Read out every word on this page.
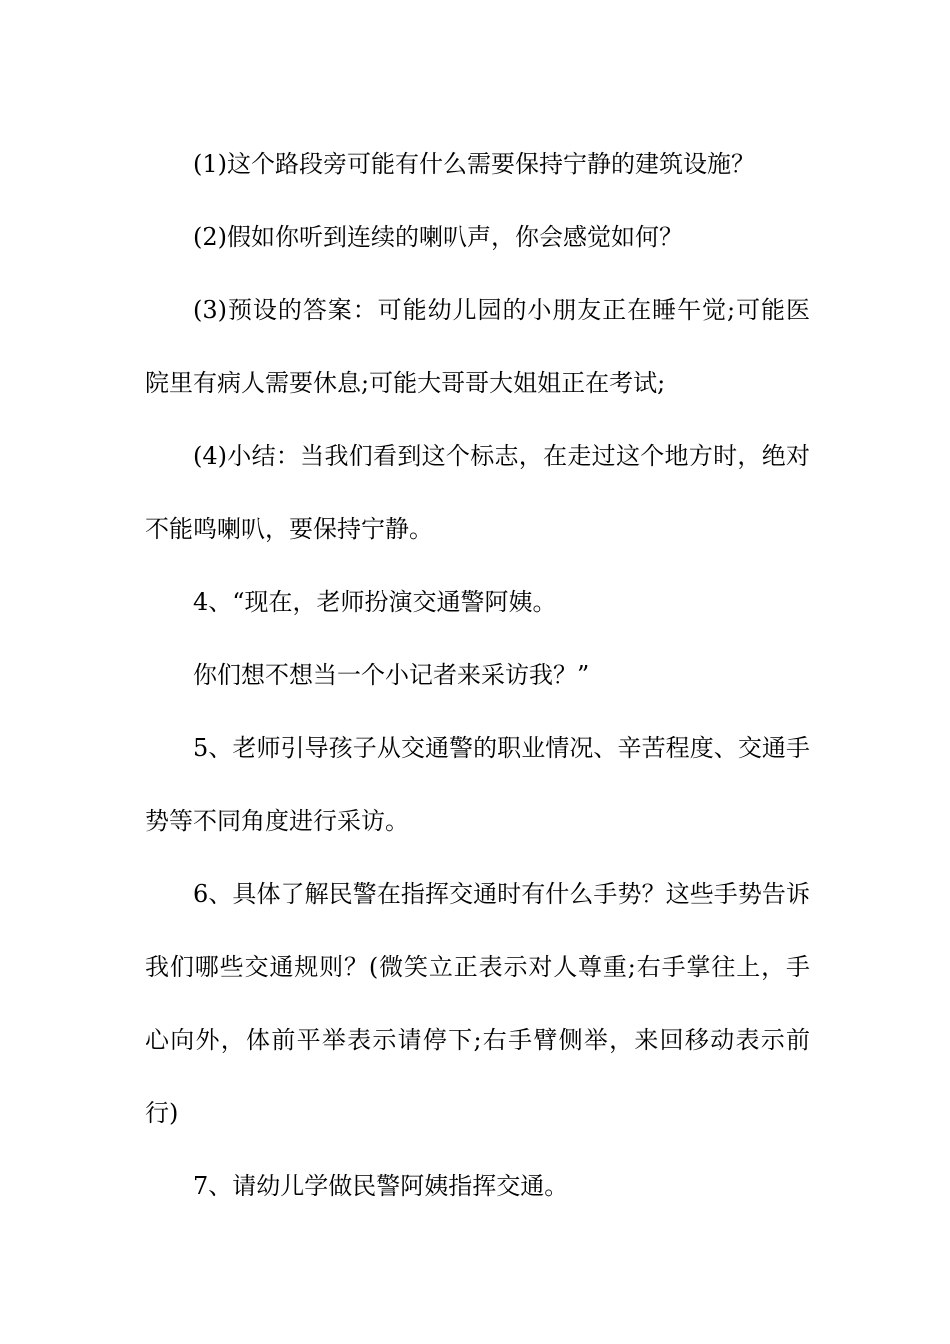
(1)这个路段旁可能有什么需要保持宁静的建筑设施？

(2)假如你听到连续的喇叭声，你会感觉如何？

(3)预设的答案：可能幼儿园的小朋友正在睡午觉;可能医院里有病人需要休息;可能大哥哥大姐姐正在考试;

(4)小结：当我们看到这个标志，在走过这个地方时，绝对不能鸣喇叭，要保持宁静。

4、“现在，老师扮演交通警阿姨。

你们想不想当一个小记者来采访我？”

5、老师引导孩子从交通警的职业情况、辛苦程度、交通手势等不同角度进行采访。

6、具体了解民警在指挥交通时有什么手势？这些手势告诉我们哪些交通规则？(微笑立正表示对人尊重;右手掌往上，手心向外，体前平举表示请停下;右手臂侧举，来回移动表示前行)

7、请幼儿学做民警阿姨指挥交通。
